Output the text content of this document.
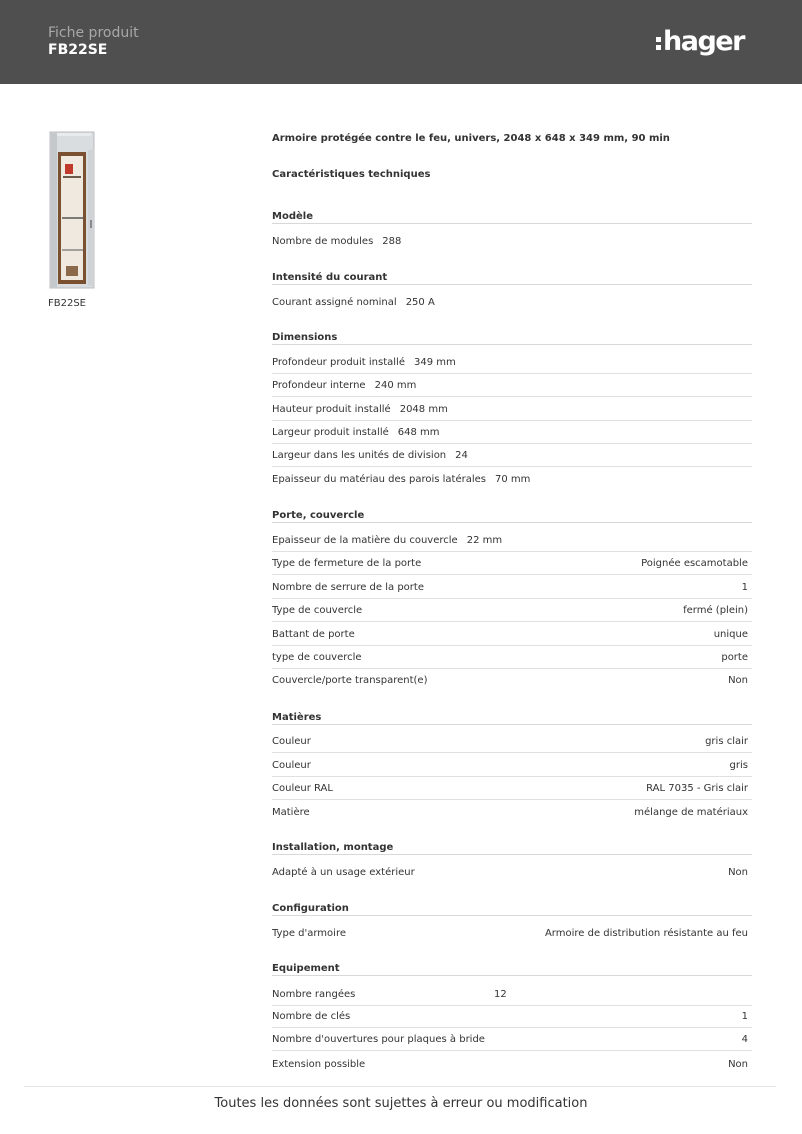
Fiche produit
FB22SE	hager
FB22SE
Armoire protégée contre le feu, univers, 2048 x 648 x 349 mm, 90 min
Caractéristiques techniques
Modèle
Nombre de modules 288
Intensité du courant
Courant assigné nominal 250 A
Dimensions
Profondeur produit installé 349 mm
Profondeur interne 240 mm
Hauteur produit installé 2048 mm
Largeur produit installé 648 mm
Largeur dans les unités de division 24
Epaisseur du matériau des parois latérales 70 mm
Porte, couvercle
Epaisseur de la matière du couvercle 22 mm
Type de fermeture de la porte	Poignée escamotable
Nombre de serrure de la porte	1
Type de couvercle	fermé (plein)
Battant de porte	unique
type de couvercle	porte
Couvercle/porte transparent(e)	Non
Matières
Couleur	gris clair
Couleur	gris
Couleur RAL	RAL 7035 - Gris clair
Matière	mélange de matériaux
Installation, montage
Adapté à un usage extérieur	Non
Configuration
Type d'armoire	Armoire de distribution résistante au feu
Equipement
Nombre rangées	12
Nombre de clés	1
Nombre d'ouvertures pour plaques à bride	4
Extension possible	Non
Toutes les données sont sujettes à erreur ou modification
